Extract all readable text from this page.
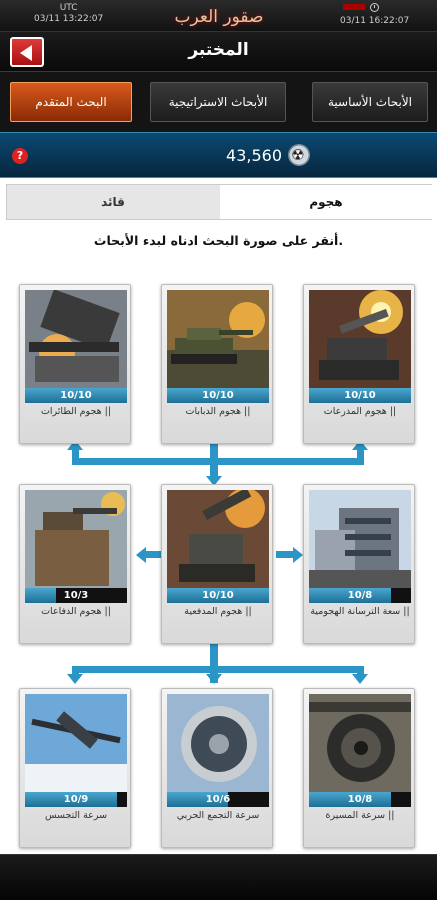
UTC
03/11 13:22:07	صقور العرب	03/11 16:22:07
المختبر
الأبحاث الأساسية
الأبحاث الاستراتيجية
البحث المتقدم
?	43,560
☢
هجوم
قائد
أنقر على صورة البحث ادناه لبدء الأبحاث.
10/10
هجوم المدرعات ||
10/10
هجوم الدبابات ||
10/10
هجوم الطائرات ||
10/8
سعة الترسانة الهجومية ||
10/10
هجوم المدفعية ||
10/3
هجوم الدفاعات ||
10/8
سرعة المسيرة ||
10/6
سرعة التجمع الحربي
10/9
سرعة التجسس
